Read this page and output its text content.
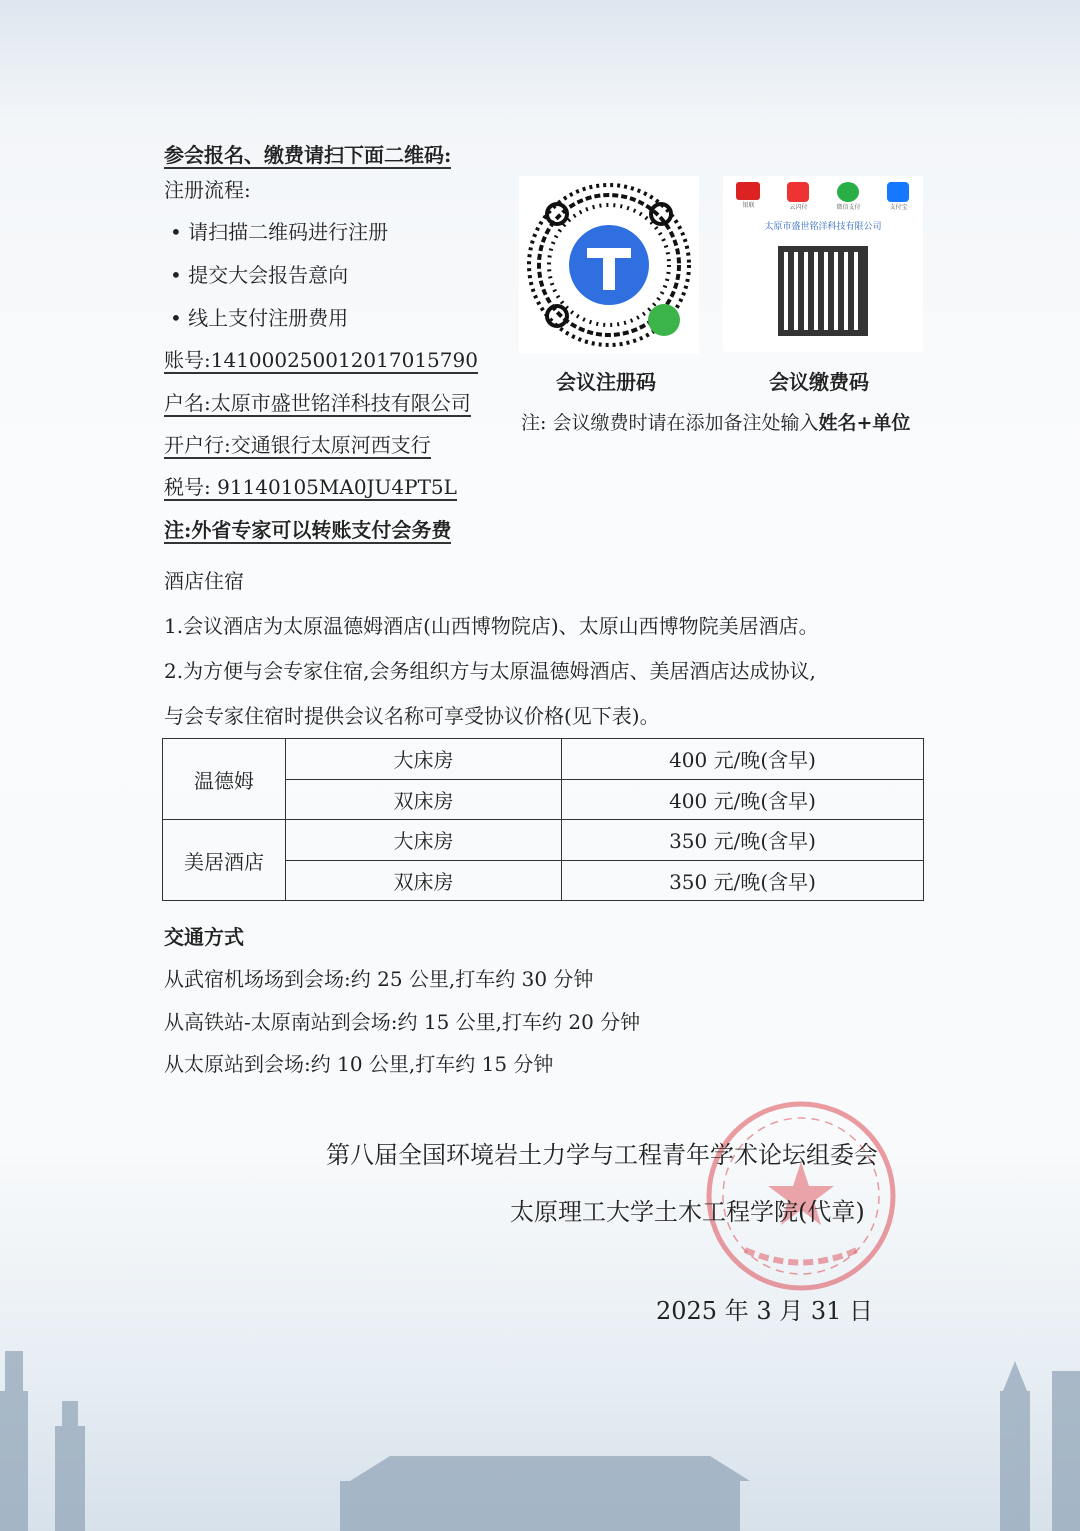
参会报名、缴费请扫下面二维码:
注册流程:
• 请扫描二维码进行注册
• 提交大会报告意向
• 线上支付注册费用
账号:14100025001201701579​0
户名:太原市盛世铭洋科技有限公司
开户行:交通银行太原河西支行
税号: 91140105MA0JU4PT5L
注:外省专家可以转账支付会务费
银联	云闪付	微信支付	支付宝
太原市盛世铭洋科技有限公司
会议注册码	会议缴费码
注: 会议缴费时请在添加备注处输入姓名+单位
酒店住宿
1.会议酒店为太原温德姆酒店(山西博物院店)、太原山西博物院美居酒店。
2.为方便与会专家住宿,会务组织方与太原温德姆酒店、美居酒店达成协议,
与会专家住宿时提供会议名称可享受协议价格(见下表)。
温德姆	大床房	400 元/晚(含早)
	双床房	400 元/晚(含早)
美居酒店	大床房	350 元/晚(含早)
	双床房	350 元/晚(含早)
交通方式
从武宿机场场到会场:约 25 公里,打车约 30 分钟
从高铁站-太原南站到会场:约 15 公里,打车约 20 分钟
从太原站到会场:约 10 公里,打车约 15 分钟
第八届全国环境岩土力学与工程青年学术论坛组委会
太原理工大学土木工程学院(代章)
2025 年 3 月 31 日
